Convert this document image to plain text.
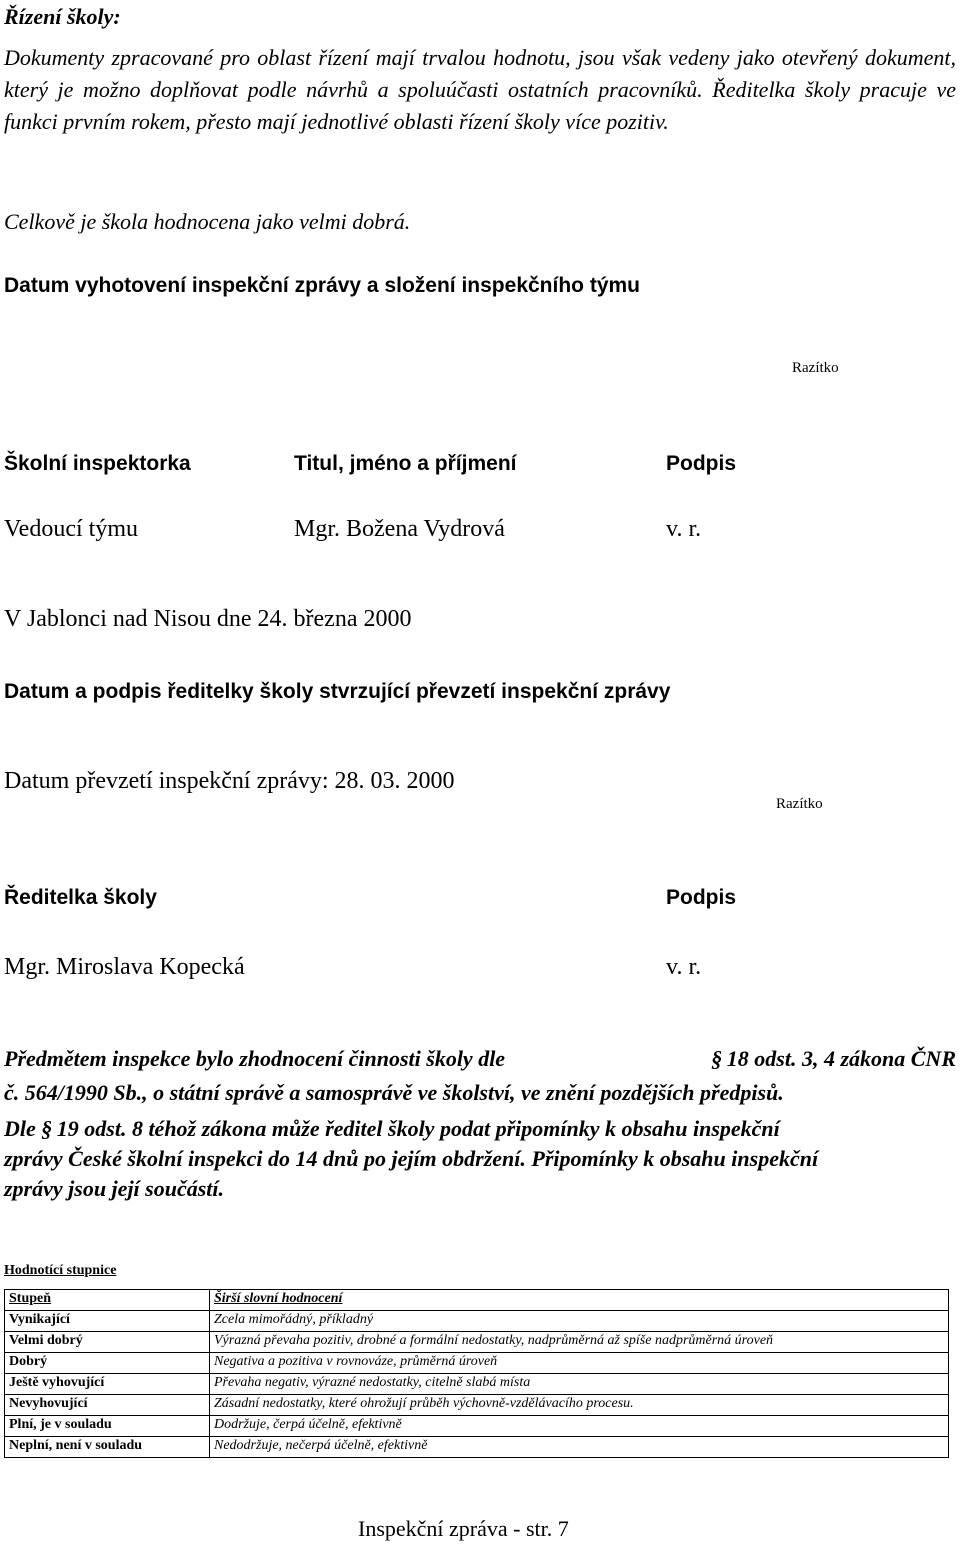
Řízení školy:
Dokumenty zpracované pro oblast řízení mají trvalou hodnotu, jsou však vedeny jako otevřený dokument, který je možno doplňovat podle návrhů a spoluúčasti ostatních pracovníků. Ředitelka školy pracuje ve funkci prvním rokem, přesto mají jednotlivé oblasti řízení školy více pozitiv.
Celkově je škola hodnocena jako velmi dobrá.
Datum vyhotovení inspekční zprávy a složení inspekčního týmu
Razítko
Školní inspektorka	Titul, jméno a příjmení	Podpis
Vedoucí týmu	Mgr. Božena Vydrová	v. r.
V Jablonci nad Nisou dne 24. března 2000
Datum a podpis ředitelky školy stvrzující převzetí inspekční zprávy
Datum převzetí inspekční zprávy: 28. 03. 2000
Razítko
Ředitelka školy	Podpis
Mgr. Miroslava Kopecká	v. r.
Předmětem inspekce bylo zhodnocení činnosti školy dle	§ 18 odst. 3, 4 zákona ČNR
č. 564/1990 Sb., o státní správě a samosprávě ve školství, ve znění pozdějších předpisů.
Dle § 19 odst. 8 téhož zákona může ředitel školy podat připomínky k obsahu inspekční
zprávy České školní inspekci do 14 dnů po jejím obdržení. Připomínky k obsahu inspekční
zprávy jsou její součástí.
Hodnotící stupnice
Stupeň	Širší slovní hodnocení
Vynikající	Zcela mimořádný, příkladný
Velmi dobrý	Výrazná převaha pozitiv, drobné a formální nedostatky, nadprůměrná až spíše nadprůměrná úroveň
Dobrý	Negativa a pozitiva v rovnováze, průměrná úroveň
Ještě vyhovující	Převaha negativ, výrazné nedostatky, citelně slabá místa
Nevyhovující	Zásadní nedostatky, které ohrožují průběh výchovně-vzdělávacího procesu.
Plní, je v souladu	Dodržuje, čerpá účelně, efektivně
Neplní, není v souladu	Nedodržuje, nečerpá účelně, efektivně
Inspekční zpráva - str. 7
